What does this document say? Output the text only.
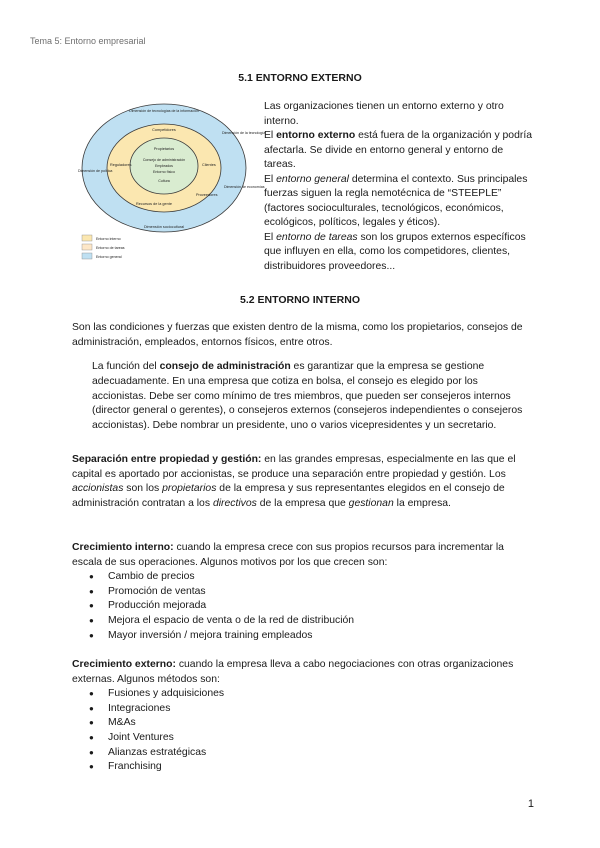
Tema 5: Entorno empresarial
5.1 ENTORNO EXTERNO
Dimensión de tecnologías de la información
Dimensión de la tecnología
Dimensión de política
Dimensión de economías
Dimensión sociocultural
Competidores
Reguladores	Clientes
Proveedores
Recursos de la gente
Propietarios
Consejo de administración
Empleados
Entorno físico
Cultura
Entorno interno
Entorno de tareas
Entorno general

Las organizaciones tienen un entorno externo y otro interno.

El entorno externo está fuera de la organización y podría afectarla. Se divide en entorno general y entorno de tareas.

El entorno general determina el contexto. Sus principales fuerzas siguen la regla nemotécnica de “STEEPLE” (factores socioculturales, tecnológicos, económicos, ecológicos, políticos, legales y éticos).

El entorno de tareas son los grupos externos específicos que influyen en ella, como los competidores, clientes, distribuidores proveedores...

5.2 ENTORNO INTERNO

Son las condiciones y fuerzas que existen dentro de la misma, como los propietarios, consejos de administración, empleados, entornos físicos, entre otros.

La función del consejo de administración es garantizar que la empresa se gestione adecuadamente. En una empresa que cotiza en bolsa, el consejo es elegido por los accionistas. Debe ser como mínimo de tres miembros, que pueden ser consejeros internos (director general o gerentes), o consejeros externos (consejeros independientes o consejeros accionistas). Debe nombrar un presidente, uno o varios vicepresidentes y un secretario.

Separación entre propiedad y gestión: en las grandes empresas, especialmente en las que el capital es aportado por accionistas, se produce una separación entre propiedad y gestión. Los accionistas son los propietarios de la empresa y sus representantes elegidos en el consejo de administración contratan a los directivos de la empresa que gestionan la empresa.

Crecimiento interno: cuando la empresa crece con sus propios recursos para incrementar la escala de sus operaciones. Algunos motivos por los que crecen son:

● Cambio de precios
● Promoción de ventas
● Producción mejorada
● Mejora el espacio de venta o de la red de distribución
● Mayor inversión / mejora training empleados

Crecimiento externo: cuando la empresa lleva a cabo negociaciones con otras organizaciones externas. Algunos métodos son:

● Fusiones y adquisiciones
● Integraciones
● M&As
● Joint Ventures
● Alianzas estratégicas
● Franchising
1
